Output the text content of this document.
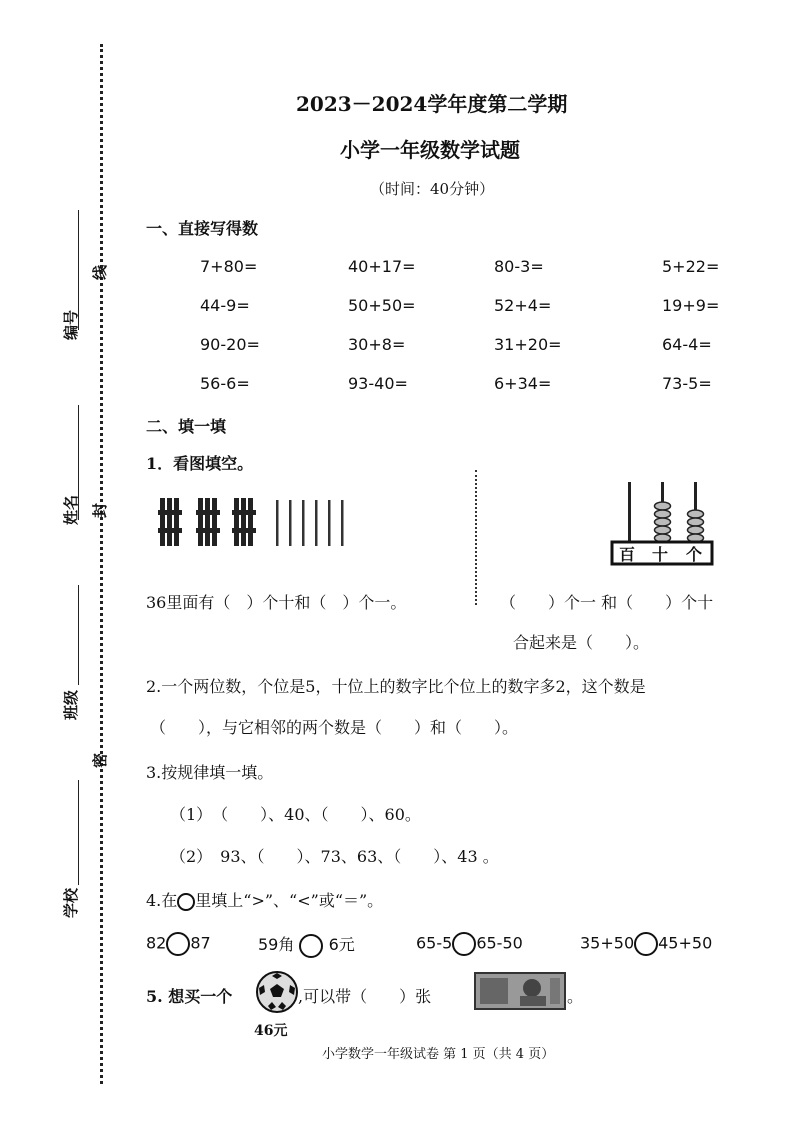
编号
姓名
班级
学校
线
封
密
2023－2024学年度第二学期
小学一年级数学试题
（时间：40分钟）
一、直接写得数
7+80=	40+17=	80-3=	5+22=
44-9=	50+50=	52+4=	19+9=
90-20=	30+8=	31+20=	64-4=
56-6=	93-40=	6+34=	73-5=
二、填一填
1．看图填空。
百 十 个
36里面有（　）个十和（　）个一。	（　　）个一 和（　　）个十
合起来是（　　）。
2.一个两位数，个位是5，十位上的数字比个位上的数字多2，这个数是
（　　），与它相邻的两个数是（　　）和（　　）。
3.按规律填一填。
（1）　（　　）、40、（　　）、60。
（2）　93、（　　）、73、63、（　　）、43 。
4.在 里填上“>”、“<”或“＝”。
82 87	59角 6元	65-5 65-50	35+50 45+50
5. 想买一个	,可以带（　　）张	。
46元
小学数学一年级试卷 第 1 页（共 4 页）
